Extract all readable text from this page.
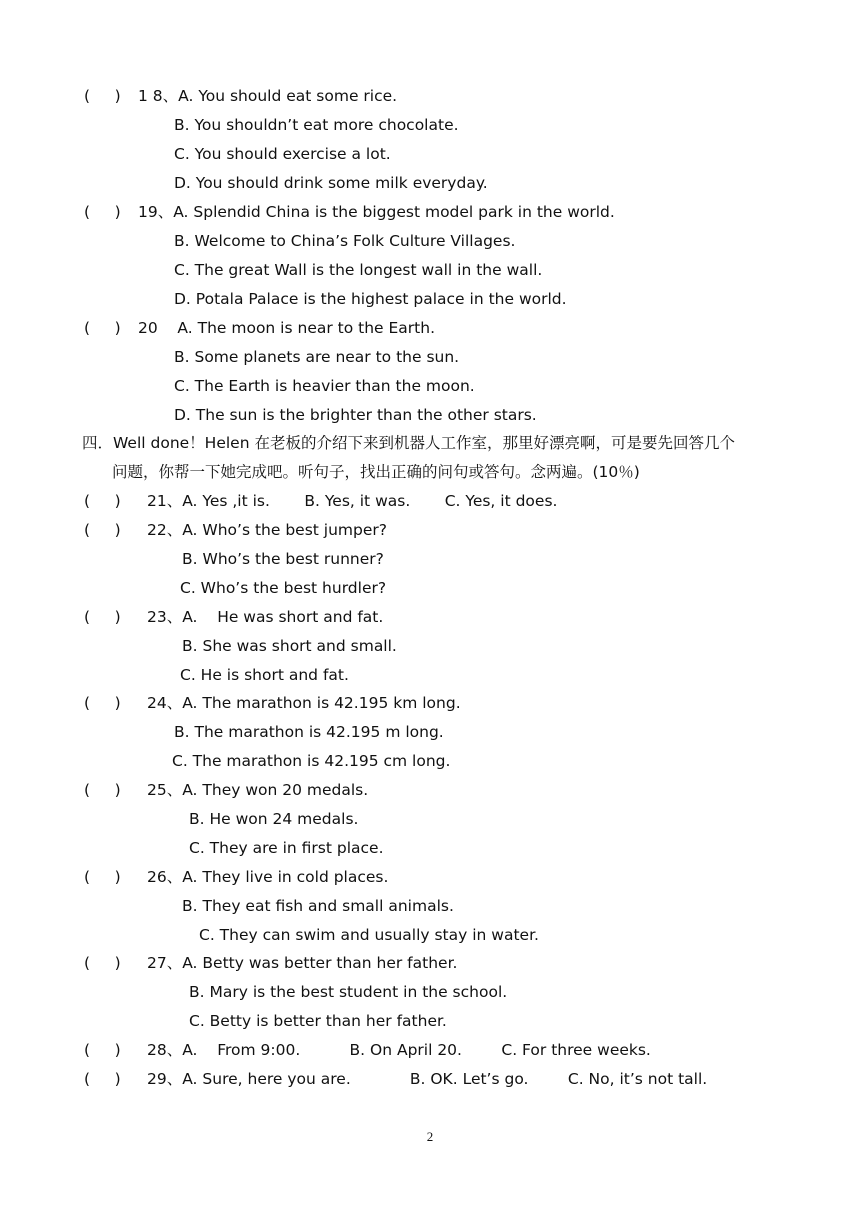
(     ) 1 8、A. You should eat some rice.
B. You shouldn’t eat more chocolate.
C. You should exercise a lot.
D. You should drink some milk everyday.
(     ) 19、A. Splendid China is the biggest model park in the world.
B. Welcome to China’s Folk Culture Villages.
C. The great Wall is the longest wall in the wall.
D. Potala Palace is the highest palace in the world.
(     ) 20    A. The moon is near to the Earth.
B. Some planets are near to the sun.
C. The Earth is heavier than the moon.
D. The sun is the brighter than the other stars.
四．Well done！Helen 在老板的介绍下来到机器人工作室，那里好漂亮啊，可是要先回答几个
问题，你帮一下她完成吧。听句子，找出正确的问句或答句。念两遍。(10％)
(     ) 21、A. Yes ,it is.       B. Yes, it was.       C. Yes, it does.
(     ) 22、A. Who’s the best jumper?
B. Who’s the best runner?
C. Who’s the best hurdler?
(     ) 23、A.    He was short and fat.
B. She was short and small.
C. He is short and fat.
(     ) 24、A. The marathon is 42.195 km long.
B. The marathon is 42.195 m long.
C. The marathon is 42.195 cm long.
(     ) 25、A. They won 20 medals.
B. He won 24 medals.
C. They are in first place.
(     ) 26、A. They live in cold places.
B. They eat fish and small animals.
C. They can swim and usually stay in water.
(     ) 27、A. Betty was better than her father.
B. Mary is the best student in the school.
C. Betty is better than her father.
(     ) 28、A.    From 9:00.          B. On April 20.        C. For three weeks.
(     ) 29、A. Sure, here you are.            B. OK. Let’s go.        C. No, it’s not tall.
2
